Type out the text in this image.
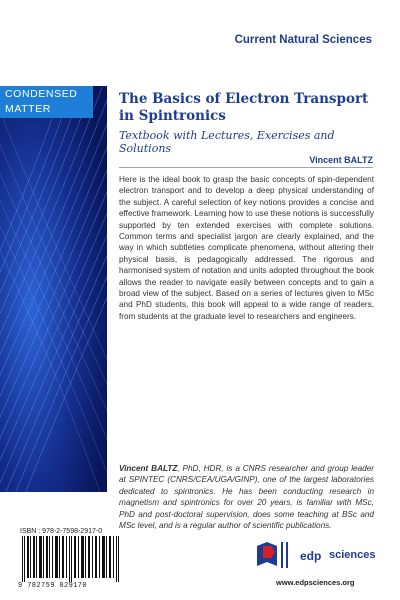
Current Natural Sciences
CONDENSED
MATTER
The Basics of Electron Transport in Spintronics
Textbook with Lectures, Exercises and Solutions
Vincent BALTZ
Here is the ideal book to grasp the basic concepts of spin-dependent electron transport and to develop a deep physical understanding of the subject. A careful selection of key notions provides a concise and effective framework. Learning how to use these notions is successfully supported by ten extended exercises with complete solutions. Common terms and specialist jargon are clearly explained, and the way in which subtleties complicate phenomena, without altering their physical basis, is pedagogically addressed. The rigorous and harmonised system of notation and units adopted throughout the book allows the reader to navigate easily between concepts and to gain a broad view of the subject. Based on a series of lectures given to MSc and PhD students, this book will appeal to a wide range of readers, from students at the graduate level to researchers and engineers.
Vincent BALTZ, PhD, HDR, is a CNRS researcher and group leader at SPINTEC (CNRS/CEA/UGA/GINP), one of the largest laboratories dedicated to spintronics. He has been conducting research in magnetism and spintronics for over 20 years, is familiar with MSc, PhD and post-doctoral supervision, does some teaching at BSc and MSc level, and is a regular author of scientific publications.
ISBN : 978-2-7598-2917-0
9 782759 829170
edp sciences
www.edpsciences.org
